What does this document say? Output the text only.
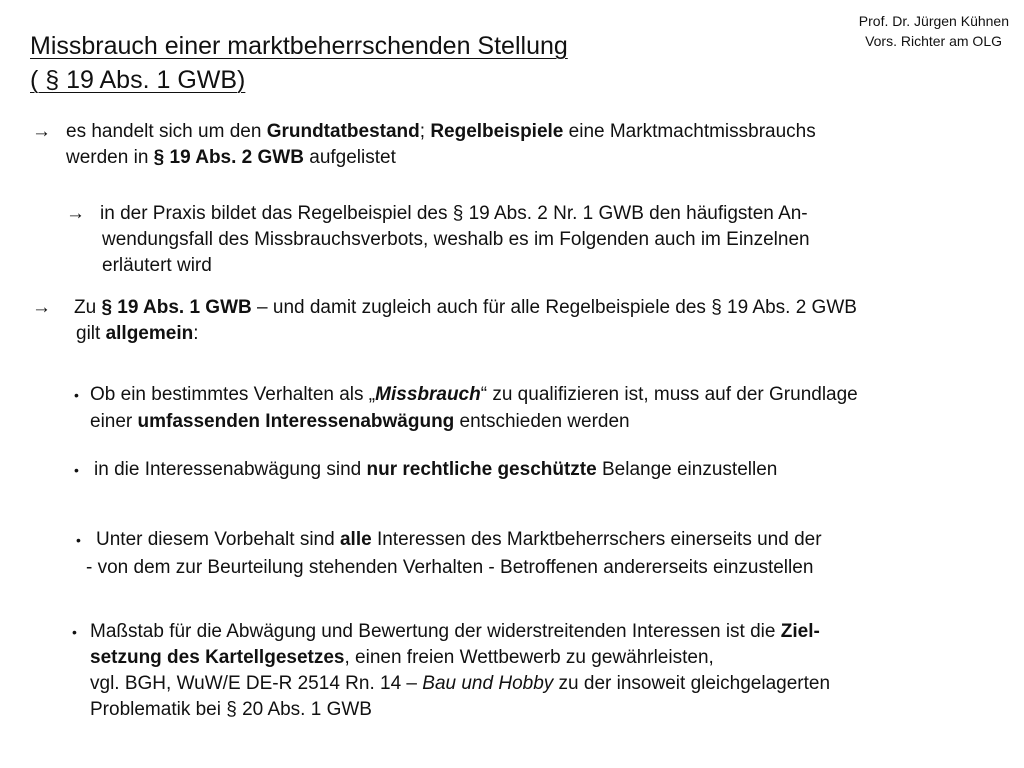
Prof. Dr. Jürgen Kühnen
Vors. Richter am OLG
Missbrauch einer marktbeherrschenden Stellung
( § 19 Abs. 1 GWB)
→ es handelt sich um den Grundtatbestand; Regelbeispiele eine Marktmachtmissbrauchs
werden in § 19 Abs. 2 GWB aufgelistet
→ in der Praxis bildet das Regelbeispiel des § 19 Abs. 2 Nr. 1 GWB den häufigsten An-
wendungsfall des Missbrauchsverbots, weshalb es im Folgenden auch im Einzelnen
erläutert wird
→ Zu § 19 Abs. 1 GWB – und damit zugleich auch für alle Regelbeispiele des § 19 Abs. 2 GWB
gilt allgemein:
• Ob ein bestimmtes Verhalten als „Missbrauch“ zu qualifizieren ist, muss auf der Grundlage
einer umfassenden Interessenabwägung entschieden werden
• in die Interessenabwägung sind nur rechtliche geschützte Belange einzustellen
• Unter diesem Vorbehalt sind alle Interessen des Marktbeherrschers einerseits und der
- von dem zur Beurteilung stehenden Verhalten - Betroffenen andererseits einzustellen
• Maßstab für die Abwägung und Bewertung der widerstreitenden Interessen ist die Ziel-
setzung des Kartellgesetzes, einen freien Wettbewerb zu gewährleisten,
vgl. BGH, WuW/E DE-R 2514 Rn. 14 – Bau und Hobby zu der insoweit gleichgelagerten
Problematik bei § 20 Abs. 1 GWB
